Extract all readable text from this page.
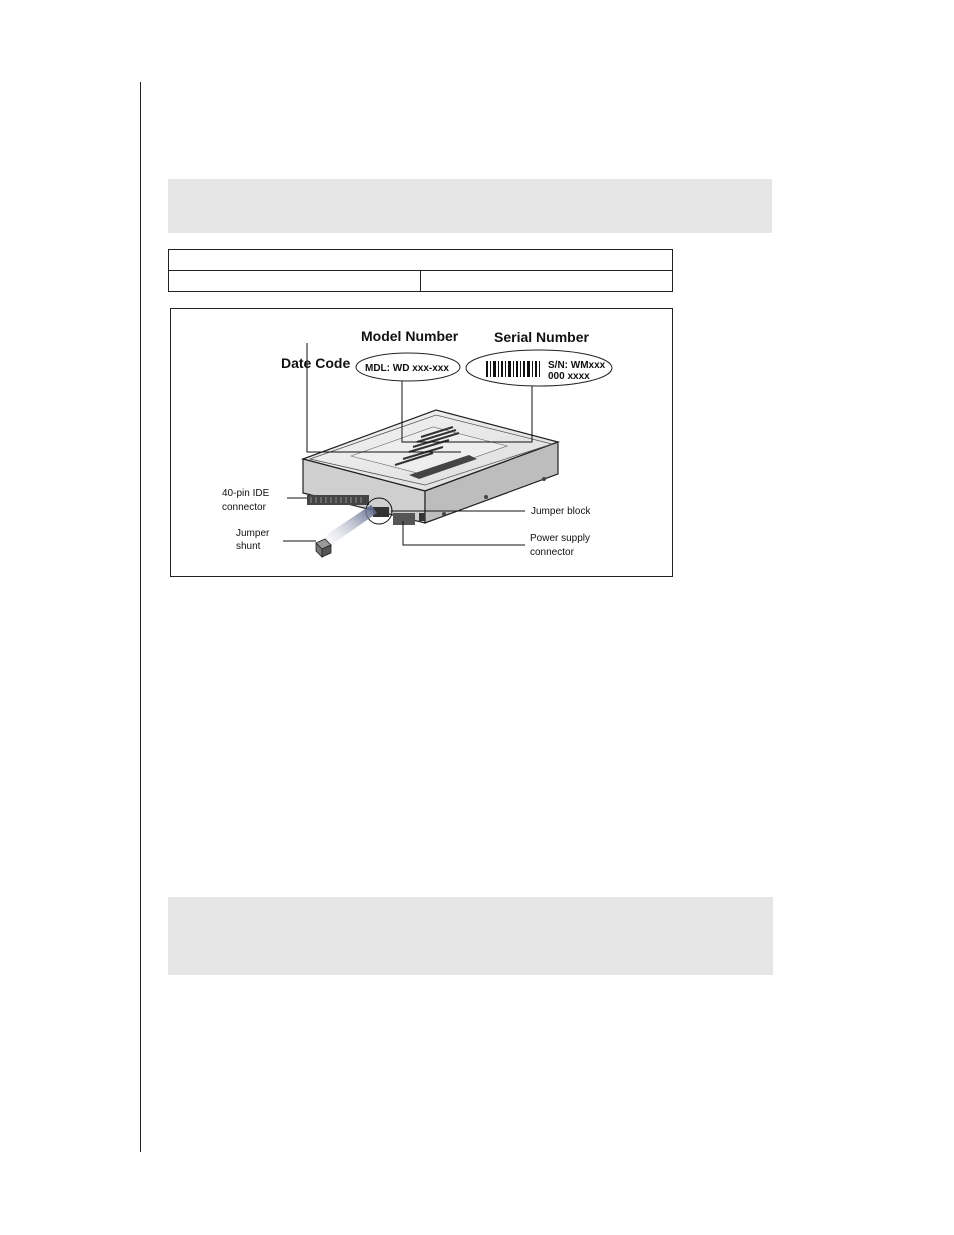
Model Number	Serial Number
Date Code MDL: WD xxx-xxx	S/N: WMxxx
000 xxxx
40-pin IDE
connector
Jumper
shunt
Jumper block
Power supply
connector
